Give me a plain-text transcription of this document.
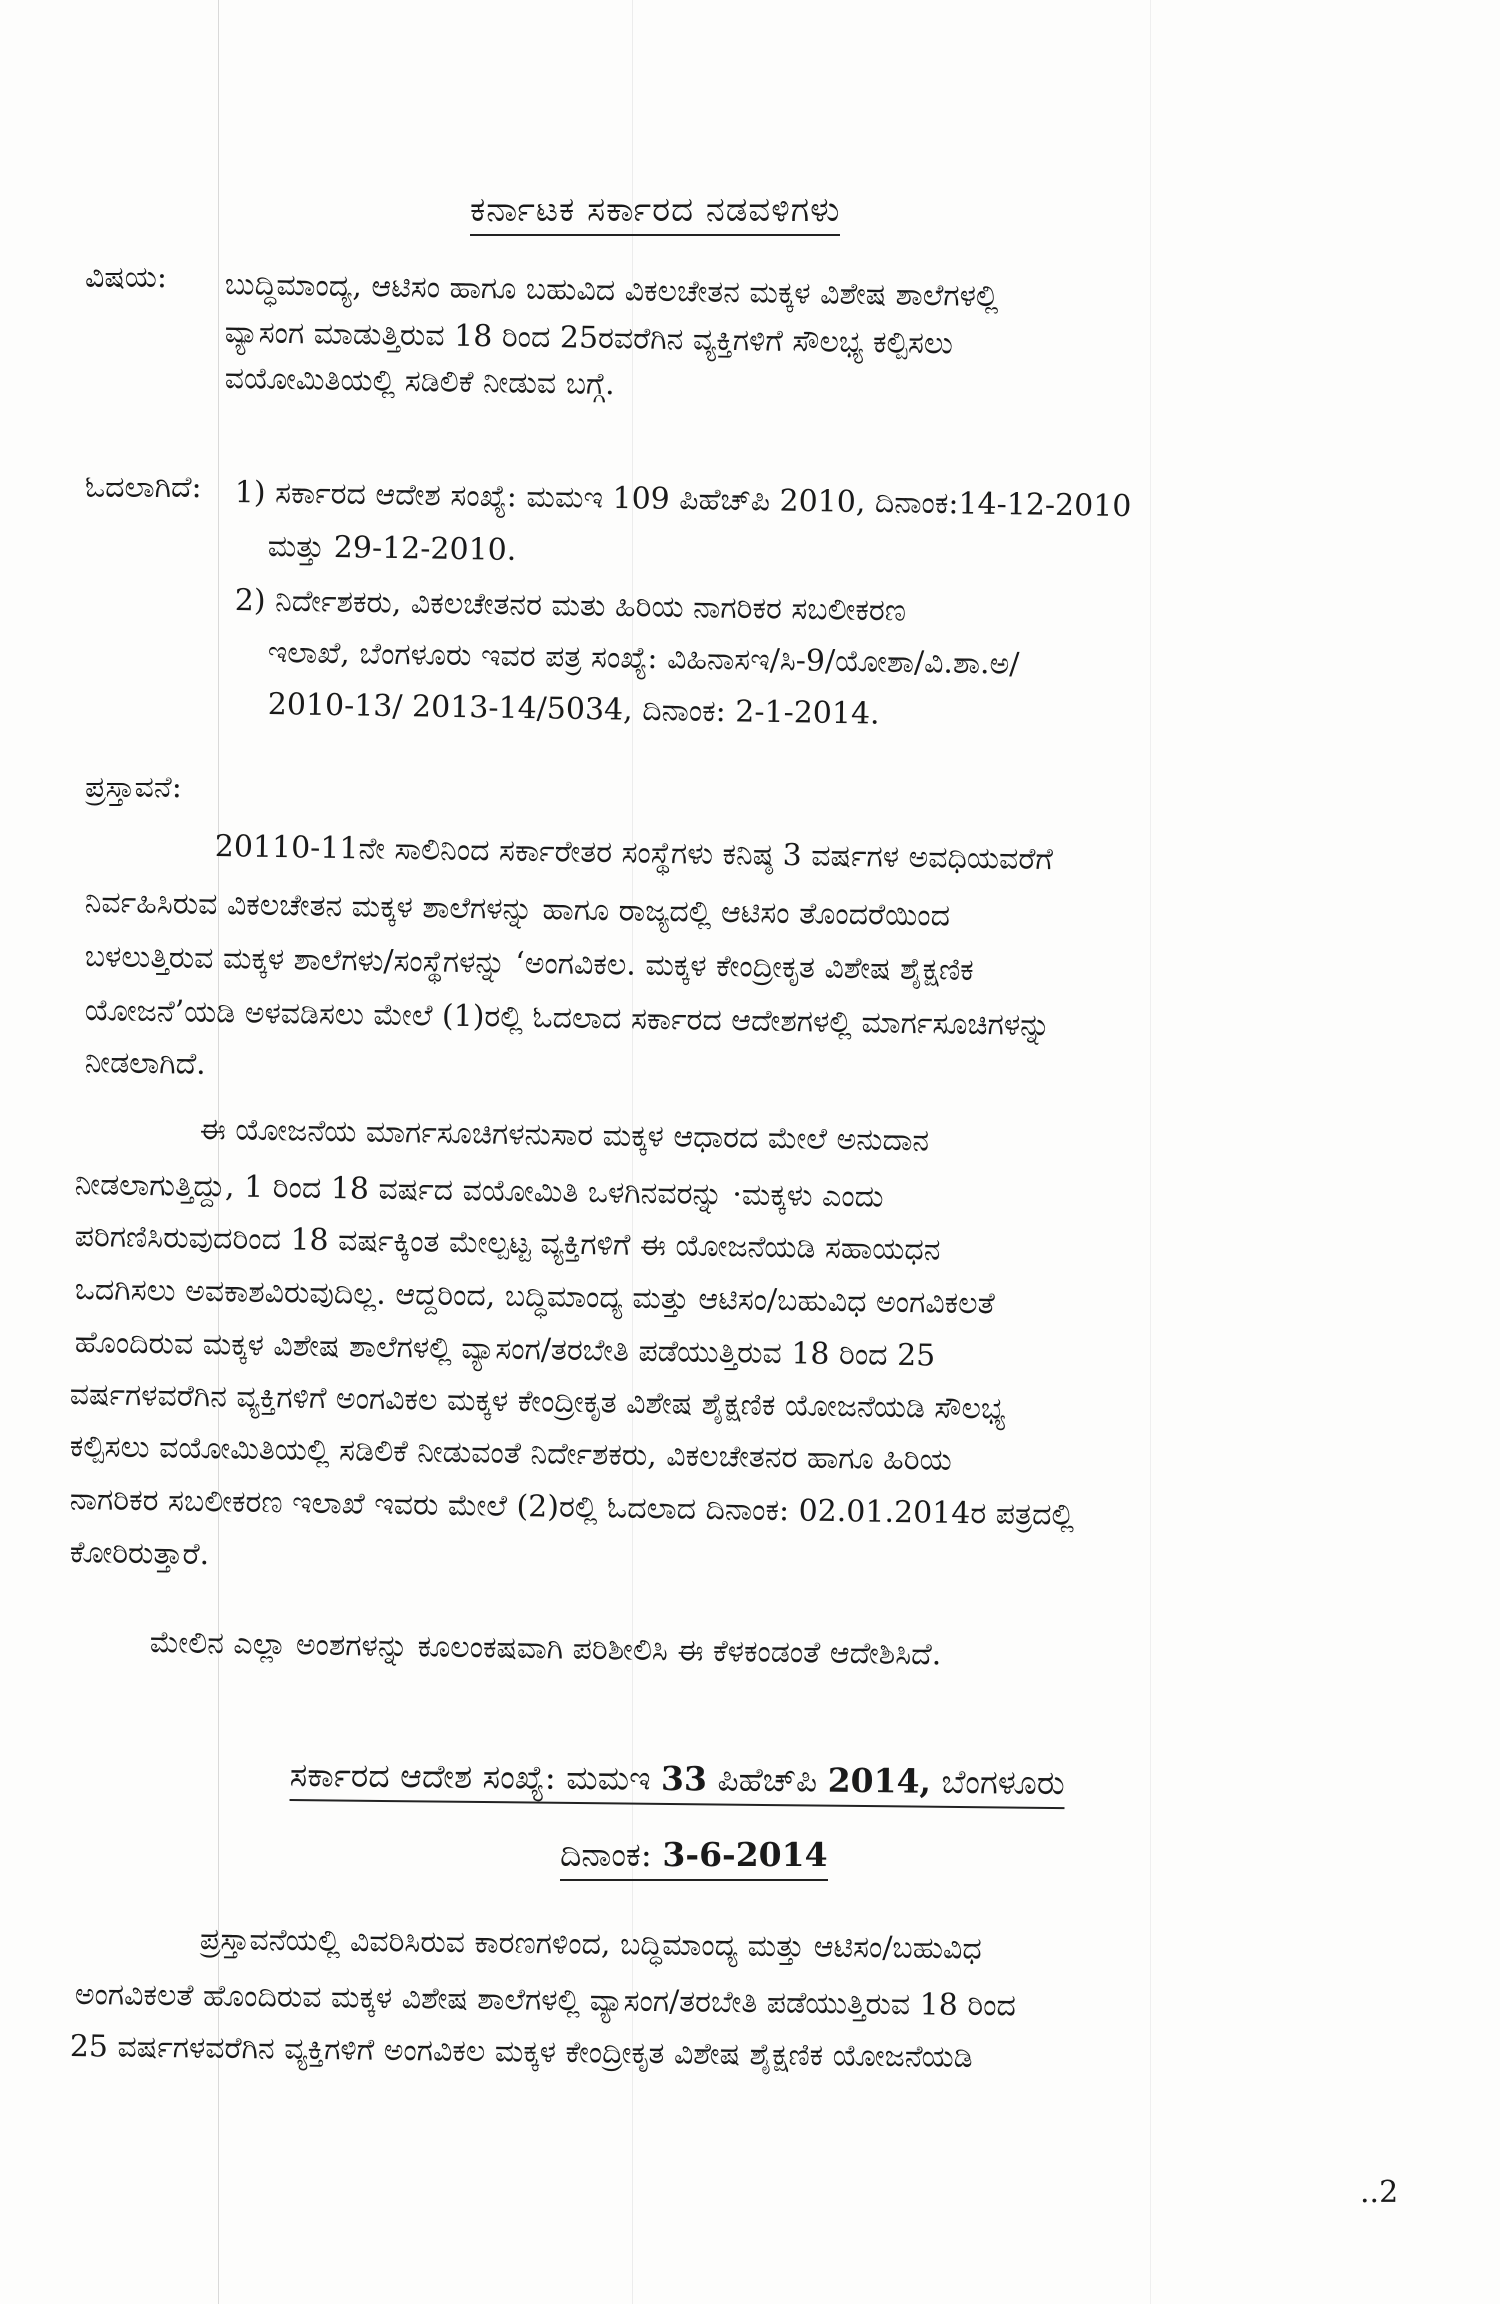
ಕರ್ನಾಟಕ ಸರ್ಕಾರದ ನಡವಳಿಗಳು
ವಿಷಯ: ಬುದ್ಧಿಮಾಂದ್ಯ, ಆಟಿಸಂ ಹಾಗೂ ಬಹುವಿದ ವಿಕಲಚೇತನ ಮಕ್ಕಳ ವಿಶೇಷ ಶಾಲೆಗಳಲ್ಲಿ
ವ್ಯಾಸಂಗ ಮಾಡುತ್ತಿರುವ 18 ರಿಂದ 25ರವರೆಗಿನ ವ್ಯಕ್ತಿಗಳಿಗೆ ಸೌಲಭ್ಯ ಕಲ್ಪಿಸಲು
ವಯೋಮಿತಿಯಲ್ಲಿ ಸಡಿಲಿಕೆ ನೀಡುವ ಬಗ್ಗೆ.
ಓದಲಾಗಿದೆ: 1) ಸರ್ಕಾರದ ಆದೇಶ ಸಂಖ್ಯೆ: ಮಮಇ 109 ಪಿಹೆಚ್‌ಪಿ 2010, ದಿನಾಂಕ:14-12-2010
ಮತ್ತು 29-12-2010.
2) ನಿರ್ದೇಶಕರು, ವಿಕಲಚೇತನರ ಮತು ಹಿರಿಯ ನಾಗರಿಕರ ಸಬಲೀಕರಣ
ಇಲಾಖೆ, ಬೆಂಗಳೂರು ಇವರ ಪತ್ರ ಸಂಖ್ಯೆ: ವಿಹಿನಾಸಇ/ಸಿ-9/ಯೋಶಾ/ವಿ.ಶಾ.ಅ/
2010-13/ 2013-14/5034, ದಿನಾಂಕ: 2-1-2014.
ಪ್ರಸ್ತಾವನೆ:
20110-11ನೇ ಸಾಲಿನಿಂದ ಸರ್ಕಾರೇತರ ಸಂಸ್ಥೆಗಳು ಕನಿಷ್ಠ 3 ವರ್ಷಗಳ ಅವಧಿಯವರೆಗೆ
ನಿರ್ವಹಿಸಿರುವ ವಿಕಲಚೇತನ ಮಕ್ಕಳ ಶಾಲೆಗಳನ್ನು ಹಾಗೂ ರಾಜ್ಯದಲ್ಲಿ ಆಟಿಸಂ ತೊಂದರೆಯಿಂದ
ಬಳಲುತ್ತಿರುವ ಮಕ್ಕಳ ಶಾಲೆಗಳು/ಸಂಸ್ಥೆಗಳನ್ನು ‘ಅಂಗವಿಕಲ. ಮಕ್ಕಳ ಕೇಂದ್ರೀಕೃತ ವಿಶೇಷ ಶೈಕ್ಷಣಿಕ
ಯೋಜನೆ’ಯಡಿ ಅಳವಡಿಸಲು ಮೇಲೆ (1)ರಲ್ಲಿ ಓದಲಾದ ಸರ್ಕಾರದ ಆದೇಶಗಳಲ್ಲಿ ಮಾರ್ಗಸೂಚಿಗಳನ್ನು
ನೀಡಲಾಗಿದೆ.
ಈ ಯೋಜನೆಯ ಮಾರ್ಗಸೂಚಿಗಳನುಸಾರ ಮಕ್ಕಳ ಆಧಾರದ ಮೇಲೆ ಅನುದಾನ
ನೀಡಲಾಗುತ್ತಿದ್ದು, 1 ರಿಂದ 18 ವರ್ಷದ ವಯೋಮಿತಿ ಒಳಗಿನವರನ್ನು ·ಮಕ್ಕಳು ಎಂದು
ಪರಿಗಣಿಸಿರುವುದರಿಂದ 18 ವರ್ಷಕ್ಕಿಂತ ಮೇಲ್ಪಟ್ಟ ವ್ಯಕ್ತಿಗಳಿಗೆ ಈ ಯೋಜನೆಯಡಿ ಸಹಾಯಧನ
ಒದಗಿಸಲು ಅವಕಾಶವಿರುವುದಿಲ್ಲ. ಆದ್ದರಿಂದ, ಬದ್ಧಿಮಾಂದ್ಯ ಮತ್ತು ಆಟಿಸಂ/ಬಹುವಿಧ ಅಂಗವಿಕಲತೆ
ಹೊಂದಿರುವ ಮಕ್ಕಳ ವಿಶೇಷ ಶಾಲೆಗಳಲ್ಲಿ ವ್ಯಾಸಂಗ/ತರಬೇತಿ ಪಡೆಯುತ್ತಿರುವ 18 ರಿಂದ 25
ವರ್ಷಗಳವರೆಗಿನ ವ್ಯಕ್ತಿಗಳಿಗೆ ಅಂಗವಿಕಲ ಮಕ್ಕಳ ಕೇಂದ್ರೀಕೃತ ವಿಶೇಷ ಶೈಕ್ಷಣಿಕ ಯೋಜನೆಯಡಿ ಸೌಲಭ್ಯ
ಕಲ್ಪಿಸಲು ವಯೋಮಿತಿಯಲ್ಲಿ ಸಡಿಲಿಕೆ ನೀಡುವಂತೆ ನಿರ್ದೇಶಕರು, ವಿಕಲಚೇತನರ ಹಾಗೂ ಹಿರಿಯ
ನಾಗರಿಕರ ಸಬಲೀಕರಣ ಇಲಾಖೆ ಇವರು ಮೇಲೆ (2)ರಲ್ಲಿ ಓದಲಾದ ದಿನಾಂಕ: 02.01.2014ರ ಪತ್ರದಲ್ಲಿ
ಕೋರಿರುತ್ತಾರೆ.
ಮೇಲಿನ ಎಲ್ಲಾ ಅಂಶಗಳನ್ನು ಕೂಲಂಕಷವಾಗಿ ಪರಿಶೀಲಿಸಿ ಈ ಕೆಳಕಂಡಂತೆ ಆದೇಶಿಸಿದೆ.
ಸರ್ಕಾರದ ಆದೇಶ ಸಂಖ್ಯೆ: ಮಮಇ 33 ಪಿಹೆಚ್‌ಪಿ 2014, ಬೆಂಗಳೂರು
ದಿನಾಂಕ: 3-6-2014
ಪ್ರಸ್ತಾವನೆಯಲ್ಲಿ ವಿವರಿಸಿರುವ ಕಾರಣಗಳಿಂದ, ಬದ್ಧಿಮಾಂದ್ಯ ಮತ್ತು ಆಟಿಸಂ/ಬಹುವಿಧ
ಅಂಗವಿಕಲತೆ ಹೊಂದಿರುವ ಮಕ್ಕಳ ವಿಶೇಷ ಶಾಲೆಗಳಲ್ಲಿ ವ್ಯಾಸಂಗ/ತರಬೇತಿ ಪಡೆಯುತ್ತಿರುವ 18 ರಿಂದ
25 ವರ್ಷಗಳವರೆಗಿನ ವ್ಯಕ್ತಿಗಳಿಗೆ ಅಂಗವಿಕಲ ಮಕ್ಕಳ ಕೇಂದ್ರೀಕೃತ ವಿಶೇಷ ಶೈಕ್ಷಣಿಕ ಯೋಜನೆಯಡಿ
..2
